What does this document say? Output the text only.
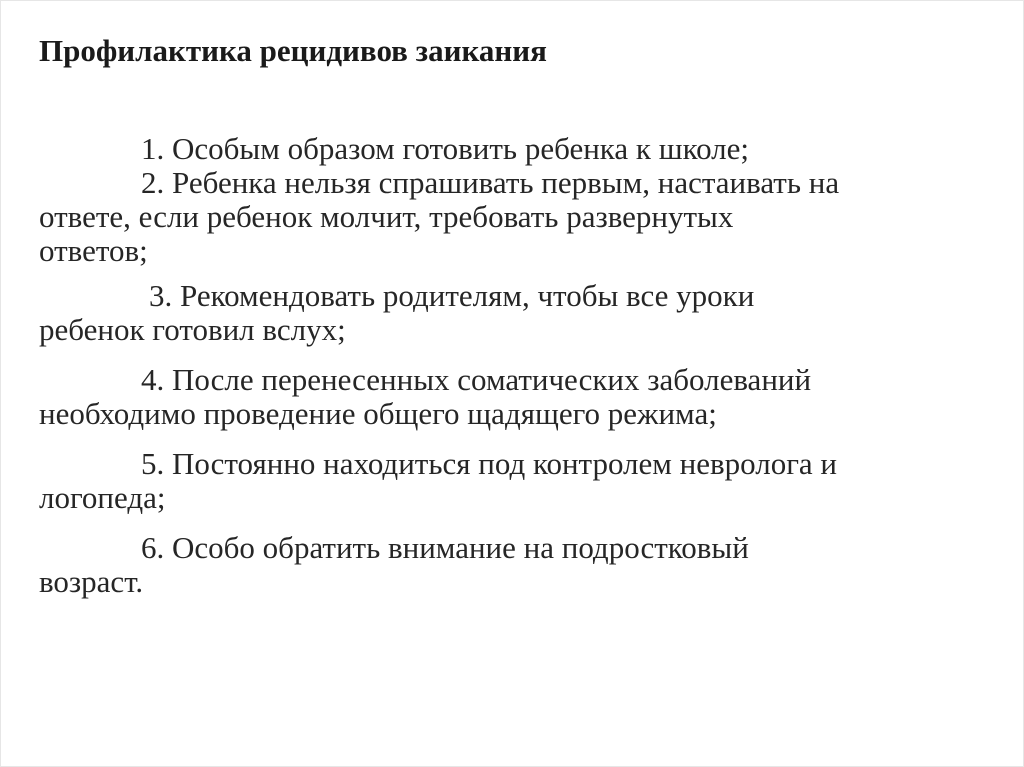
Профилактика рецидивов заикания

1. Особым образом готовить ребенка к школе;

2. Ребенка нельзя спрашивать первым, настаивать на

ответе, если ребенок молчит, требовать развернутых

ответов;

3. Рекомендовать родителям, чтобы все уроки

ребенок готовил вслух;

4. После перенесенных соматических заболеваний

необходимо проведение общего щадящего режима;

5. Постоянно находиться под контролем невролога и

логопеда;

6. Особо обратить внимание на подростковый

возраст.
